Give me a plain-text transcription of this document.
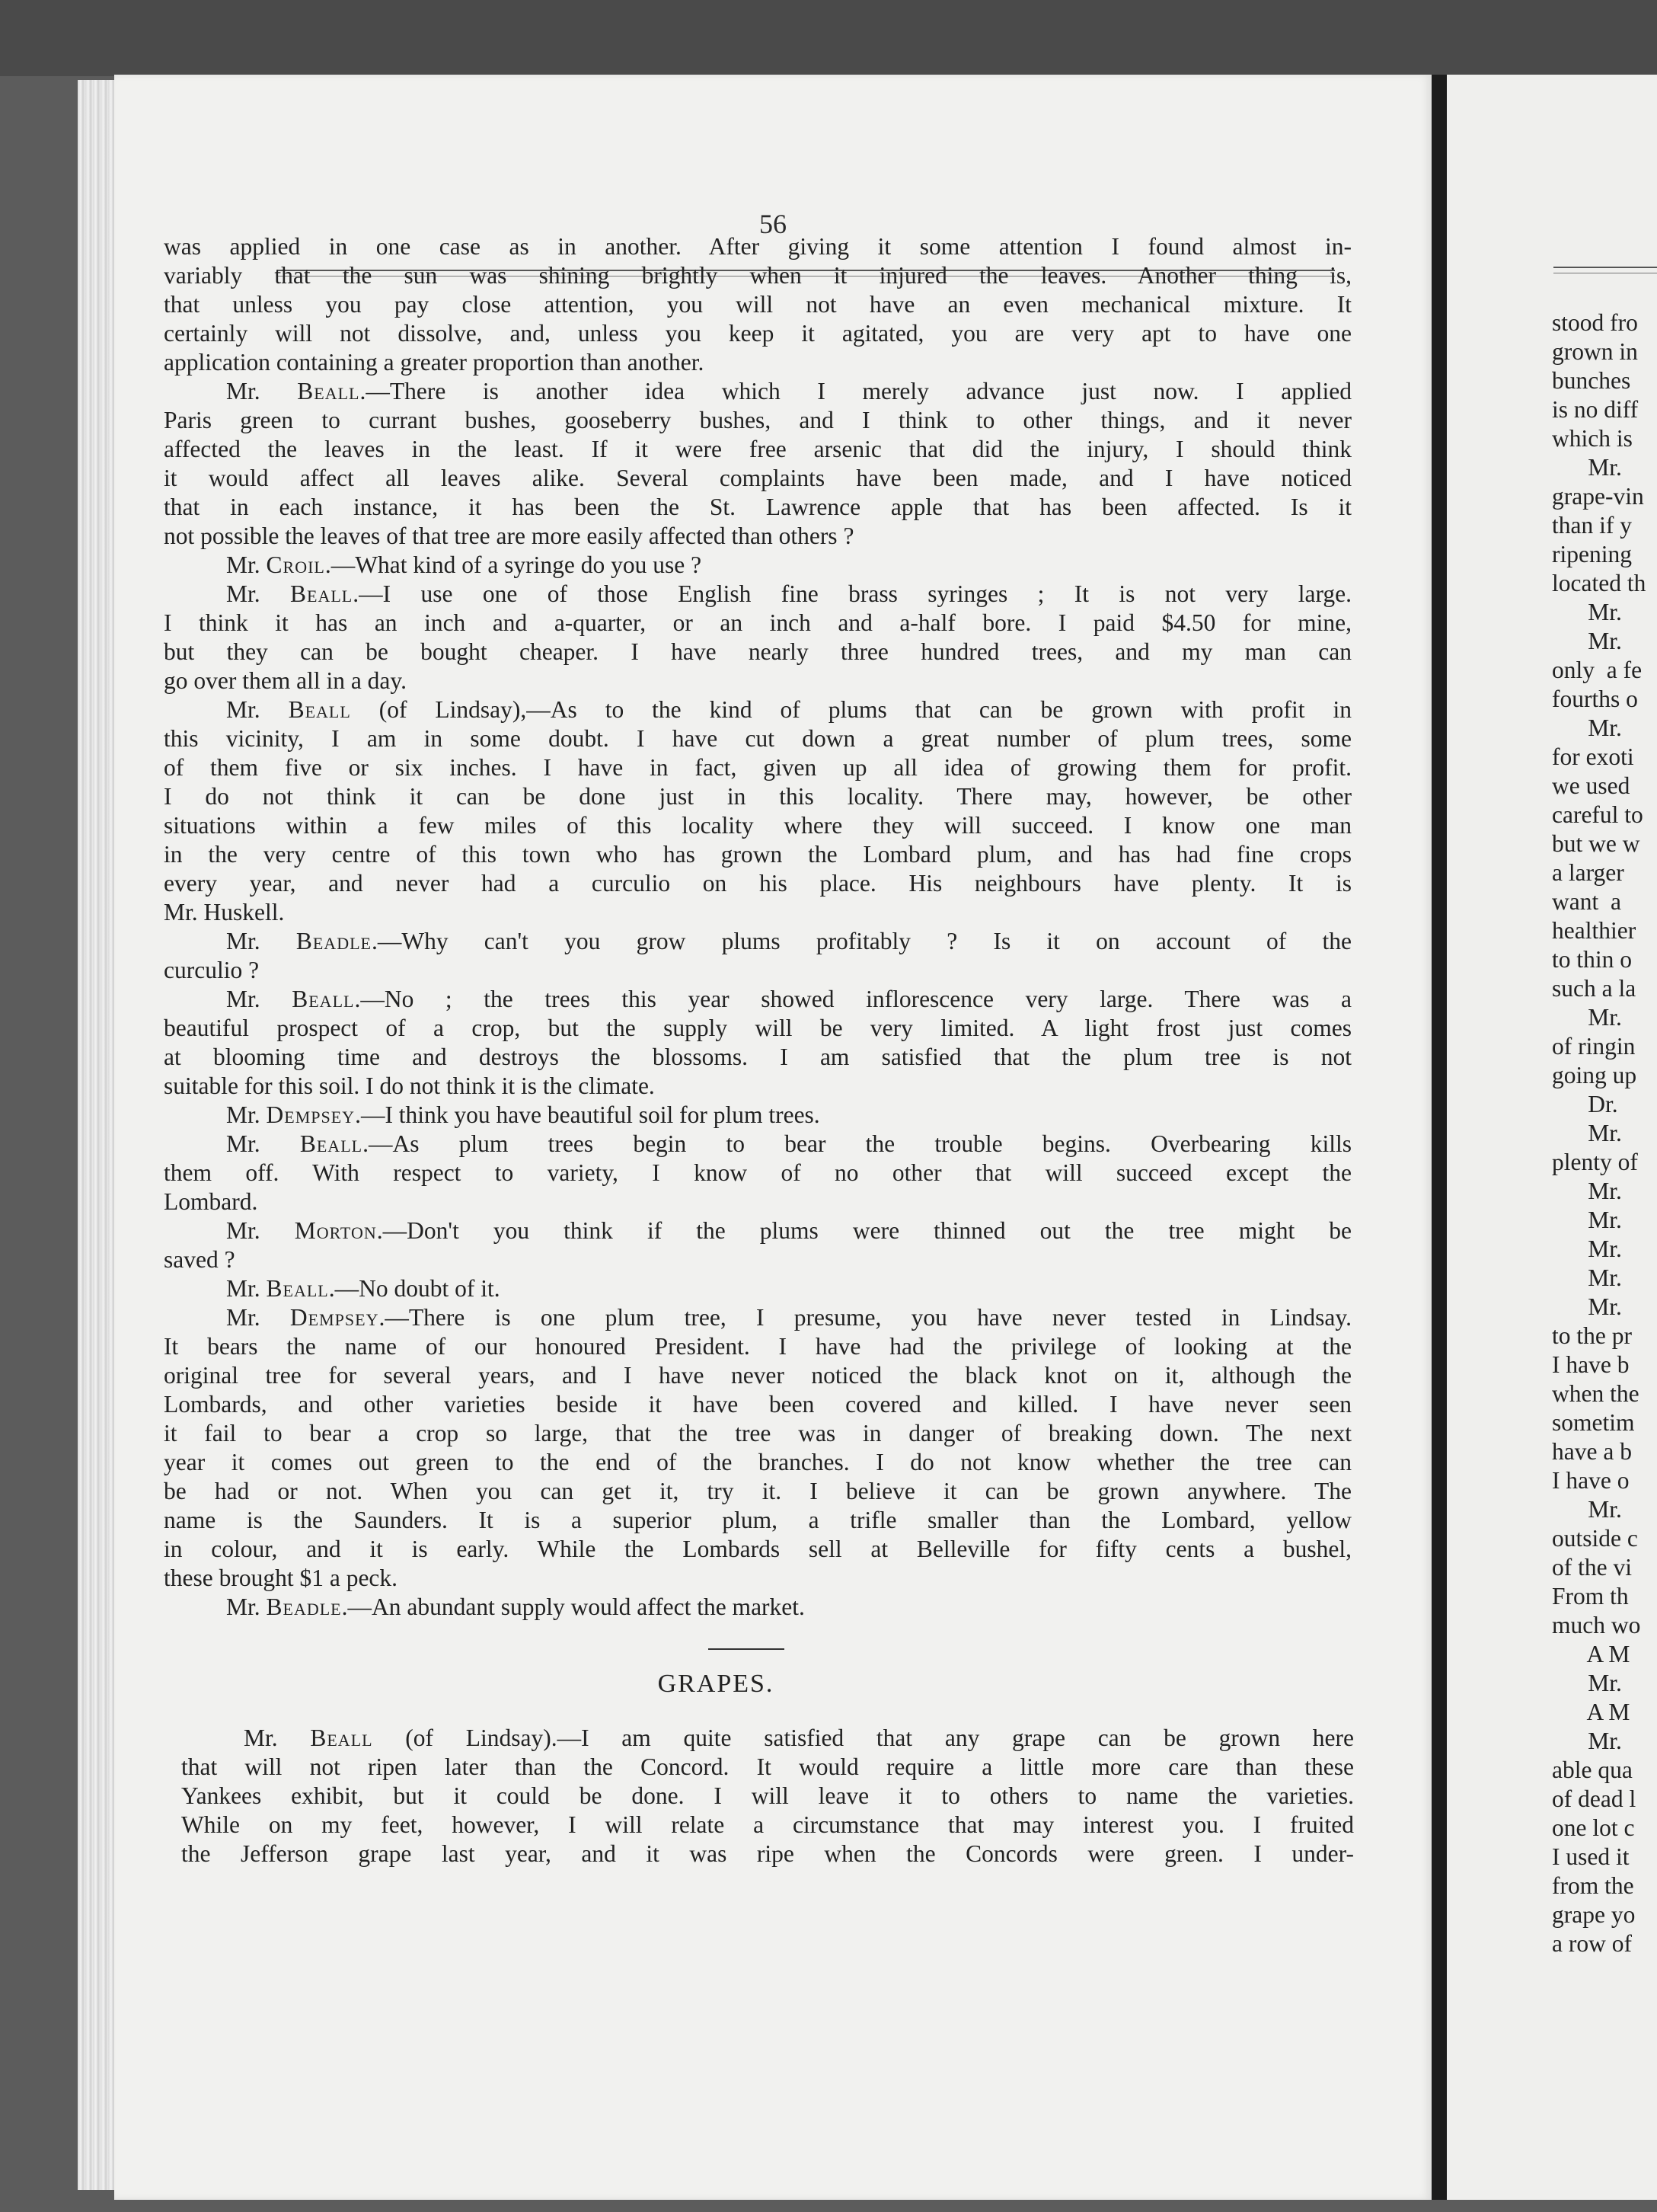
56
was applied in one case as in another. After giving it some attention I found almost in-
variably that the sun was shining brightly when it injured the leaves. Another thing is,
that unless you pay close attention, you will not have an even mechanical mixture. It
certainly will not dissolve, and, unless you keep it agitated, you are very apt to have one
application containing a greater proportion than another.
Mr. Beall.—There is another idea which I merely advance just now. I applied
Paris green to currant bushes, gooseberry bushes, and I think to other things, and it never
affected the leaves in the least. If it were free arsenic that did the injury, I should think
it would affect all leaves alike. Several complaints have been made, and I have noticed
that in each instance, it has been the St. Lawrence apple that has been affected. Is it
not possible the leaves of that tree are more easily affected than others ?
Mr. Croil.—What kind of a syringe do you use ?
Mr. Beall.—I use one of those English fine brass syringes ; It is not very large.
I think it has an inch and a-quarter, or an inch and a-half bore. I paid $4.50 for mine,
but they can be bought cheaper. I have nearly three hundred trees, and my man can
go over them all in a day.
Mr. Beall (of Lindsay),—As to the kind of plums that can be grown with profit in
this vicinity, I am in some doubt. I have cut down a great number of plum trees, some
of them five or six inches. I have in fact, given up all idea of growing them for profit.
I do not think it can be done just in this locality. There may, however, be other
situations within a few miles of this locality where they will succeed. I know one man
in the very centre of this town who has grown the Lombard plum, and has had fine crops
every year, and never had a curculio on his place. His neighbours have plenty. It is
Mr. Huskell.
Mr. Beadle.—Why can't you grow plums profitably ? Is it on account of the
curculio ?
Mr. Beall.—No ; the trees this year showed inflorescence very large. There was a
beautiful prospect of a crop, but the supply will be very limited. A light frost just comes
at blooming time and destroys the blossoms. I am satisfied that the plum tree is not
suitable for this soil. I do not think it is the climate.
Mr. Dempsey.—I think you have beautiful soil for plum trees.
Mr. Beall.—As plum trees begin to bear the trouble begins. Overbearing kills
them off. With respect to variety, I know of no other that will succeed except the
Lombard.
Mr. Morton.—Don't you think if the plums were thinned out the tree might be
saved ?
Mr. Beall.—No doubt of it.
Mr. Dempsey.—There is one plum tree, I presume, you have never tested in Lindsay.
It bears the name of our honoured President. I have had the privilege of looking at the
original tree for several years, and I have never noticed the black knot on it, although the
Lombards, and other varieties beside it have been covered and killed. I have never seen
it fail to bear a crop so large, that the tree was in danger of breaking down. The next
year it comes out green to the end of the branches. I do not know whether the tree can
be had or not. When you can get it, try it. I believe it can be grown anywhere. The
name is the Saunders. It is a superior plum, a trifle smaller than the Lombard, yellow
in colour, and it is early. While the Lombards sell at Belleville for fifty cents a bushel,
these brought $1 a peck.
Mr. Beadle.—An abundant supply would affect the market.
GRAPES.
Mr. Beall (of Lindsay).—I am quite satisfied that any grape can be grown here
that will not ripen later than the Concord. It would require a little more care than these
Yankees exhibit, but it could be done. I will leave it to others to name the varieties.
While on my feet, however, I will relate a circumstance that may interest you. I fruited
the Jefferson grape last year, and it was ripe when the Concords were green. I under-
stood fro
grown in
bunches
is no diff
which is
Mr.
grape-vin
than if y
ripening
located th
Mr.
Mr.
only  a fe
fourths o
Mr.
for exoti
we used
careful to
but we w
a larger
want  a
healthier
to thin o
such a la
Mr.
of ringin
going up
Dr.
Mr.
plenty of
Mr.
Mr.
Mr.
Mr.
Mr.
to the pr
I have b
when the
sometim
have a b
I have o
Mr.
outside c
of the vi
From th
much wo
A M
Mr.
A M
Mr.
able qua
of dead l
one lot c
I used it
from the
grape yo
a row of
